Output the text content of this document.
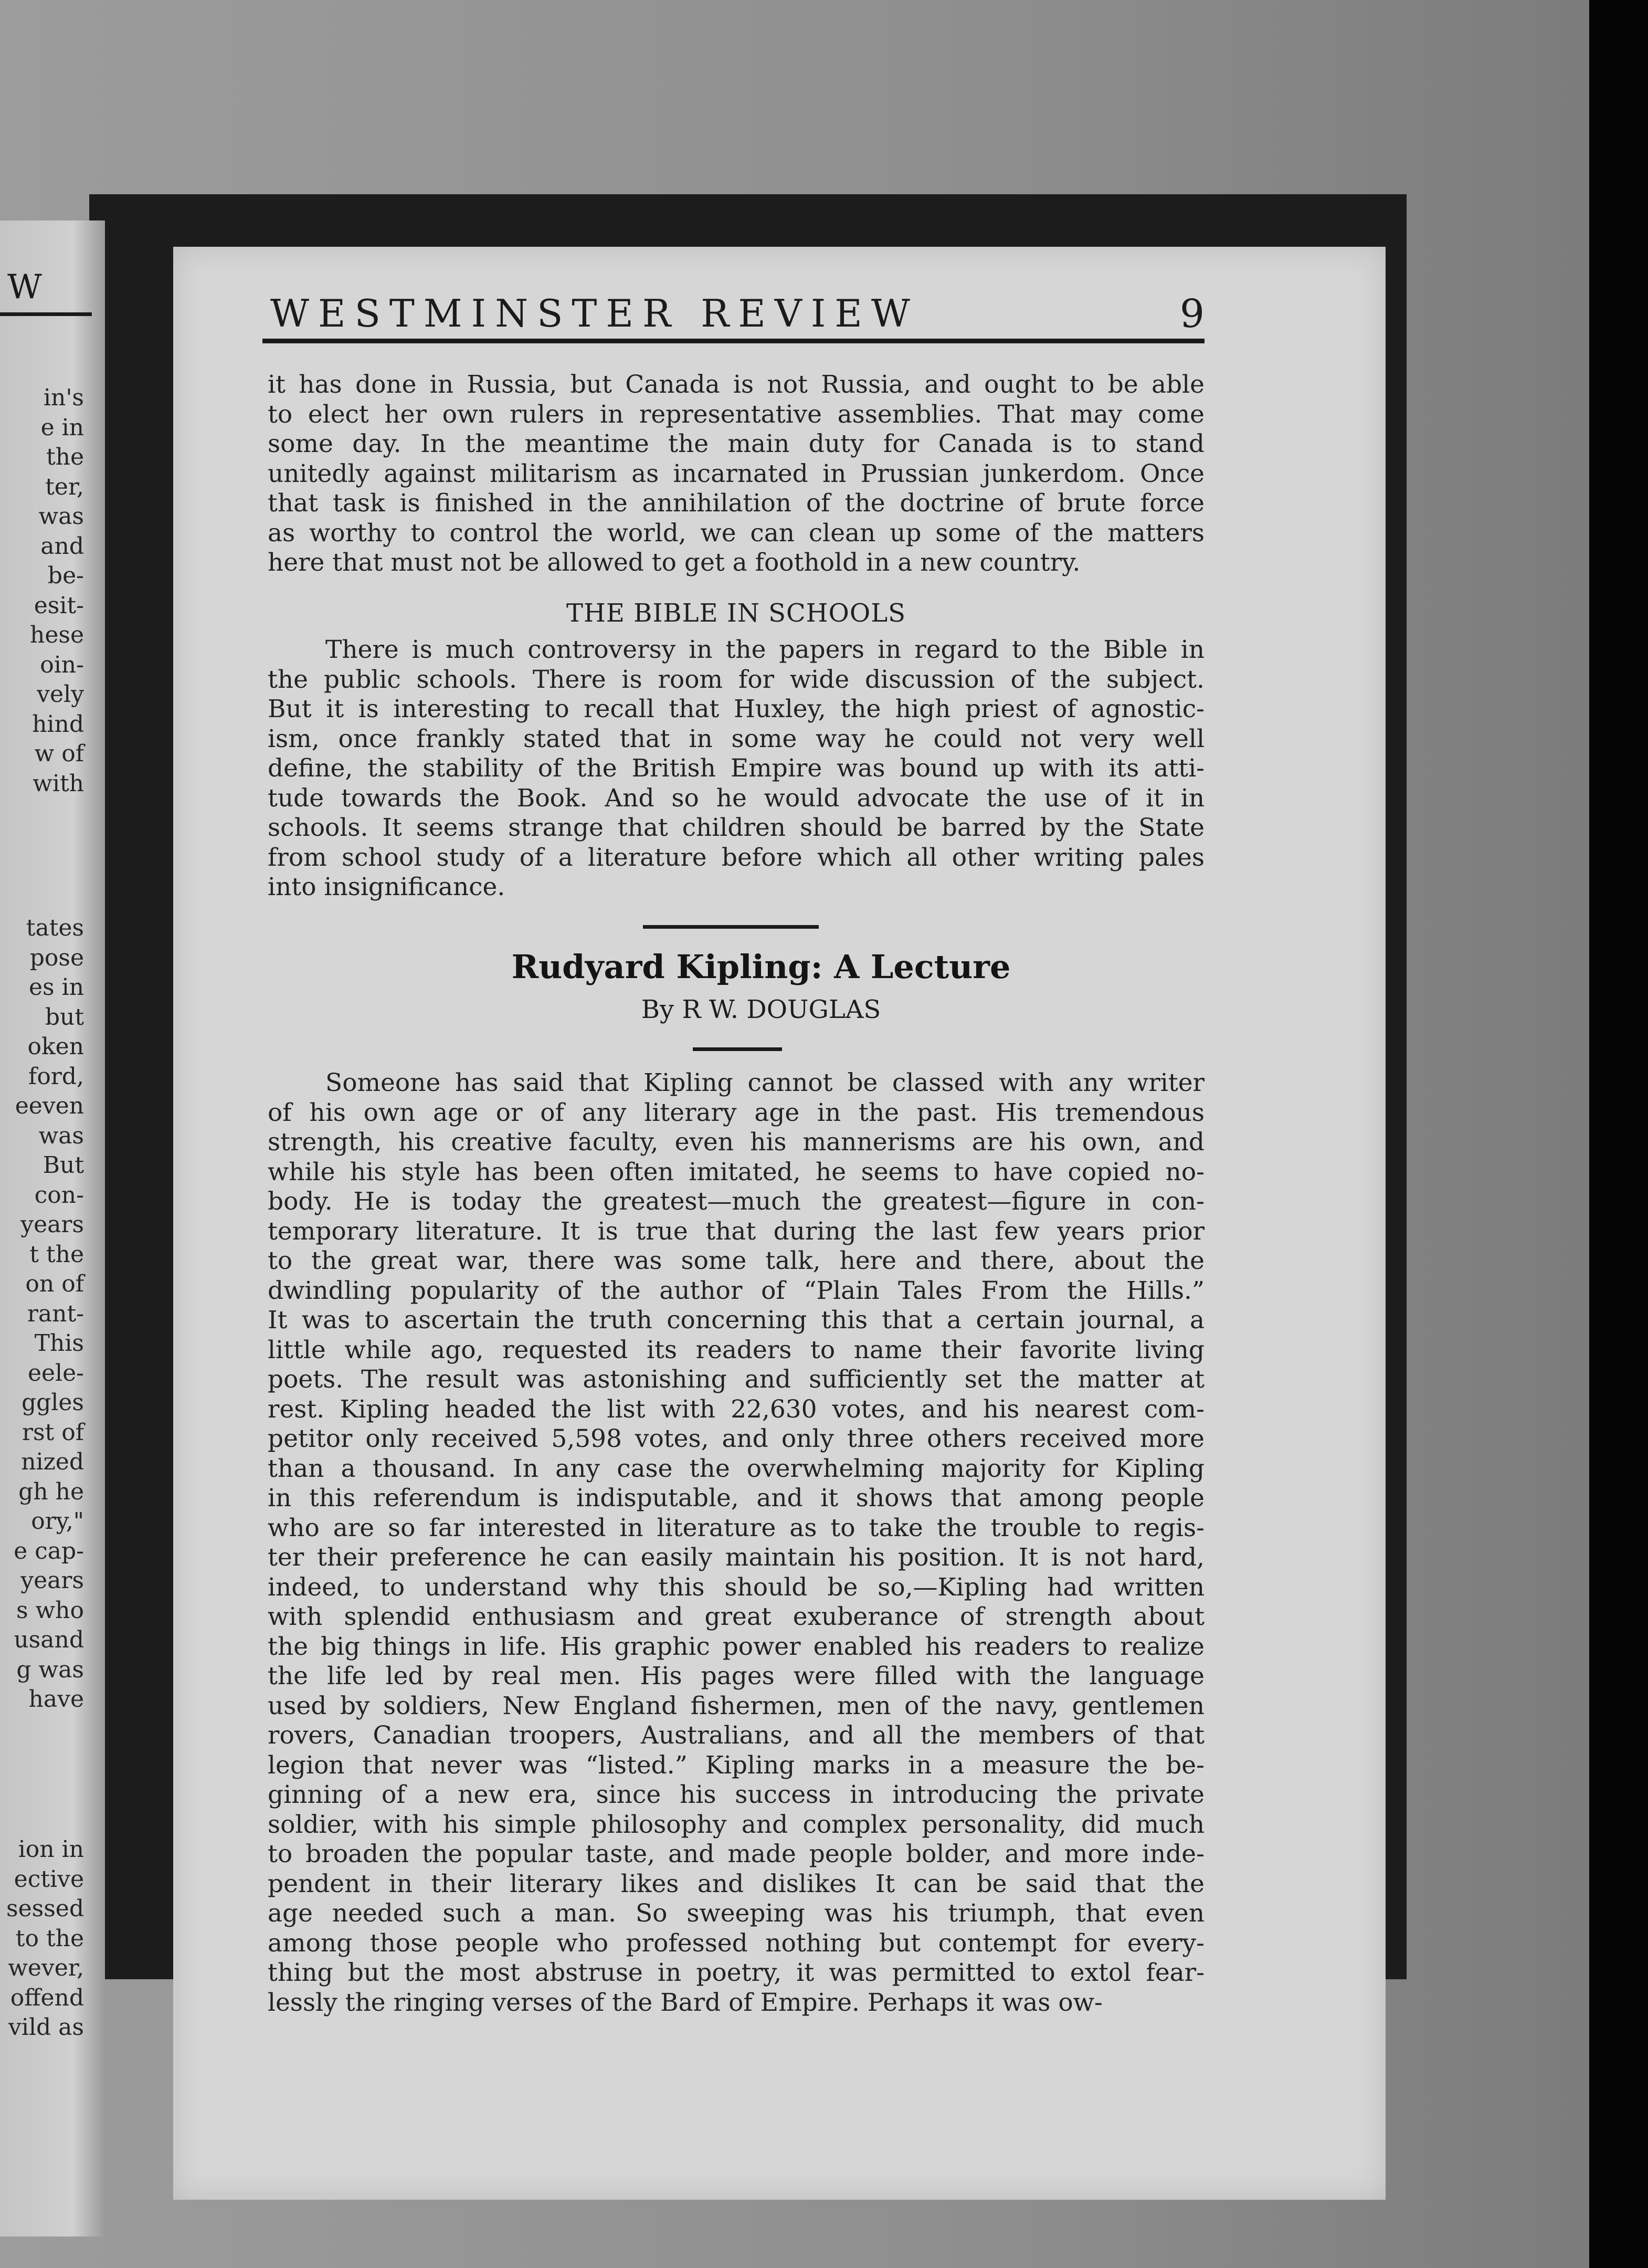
W
in's
e in
the
ter,
was
and
be-
esit-
hese
oin-
vely
hind
w of
with
tates
pose
es in
but
oken
ford,
eeven
was
But
con-
years
t the
on of
rant-
This
eele-
ggles
rst of
nized
gh he
ory,"
e cap-
years
s who
usand
g was
have
ion in
ective
sessed
to the
wever,
offend
vild as
WESTMINSTER REVIEW	9
it has done in Russia, but Canada is not Russia, and ought to be able
to elect her own rulers in representative assemblies. That may come
some day. In the meantime the main duty for Canada is to stand
unitedly against militarism as incarnated in Prussian junkerdom. Once
that task is finished in the annihilation of the doctrine of brute force
as worthy to control the world, we can clean up some of the matters
here that must not be allowed to get a foothold in a new country.
THE BIBLE IN SCHOOLS
There is much controversy in the papers in regard to the Bible in
the public schools. There is room for wide discussion of the subject.
But it is interesting to recall that Huxley, the high priest of agnostic-
ism, once frankly stated that in some way he could not very well
define, the stability of the British Empire was bound up with its atti-
tude towards the Book. And so he would advocate the use of it in
schools. It seems strange that children should be barred by the State
from school study of a literature before which all other writing pales
into insignificance.
Rudyard Kipling: A Lecture
By R W. DOUGLAS
Someone has said that Kipling cannot be classed with any writer
of his own age or of any literary age in the past. His tremendous
strength, his creative faculty, even his mannerisms are his own, and
while his style has been often imitated, he seems to have copied no-
body. He is today the greatest—much the greatest—figure in con-
temporary literature. It is true that during the last few years prior
to the great war, there was some talk, here and there, about the
dwindling popularity of the author of “Plain Tales From the Hills.”
It was to ascertain the truth concerning this that a certain journal, a
little while ago, requested its readers to name their favorite living
poets. The result was astonishing and sufficiently set the matter at
rest. Kipling headed the list with 22,630 votes, and his nearest com-
petitor only received 5,598 votes, and only three others received more
than a thousand. In any case the overwhelming majority for Kipling
in this referendum is indisputable, and it shows that among people
who are so far interested in literature as to take the trouble to regis-
ter their preference he can easily maintain his position. It is not hard,
indeed, to understand why this should be so,—Kipling had written
with splendid enthusiasm and great exuberance of strength about
the big things in life. His graphic power enabled his readers to realize
the life led by real men. His pages were filled with the language
used by soldiers, New England fishermen, men of the navy, gentlemen
rovers, Canadian troopers, Australians, and all the members of that
legion that never was “listed.” Kipling marks in a measure the be-
ginning of a new era, since his success in introducing the private
soldier, with his simple philosophy and complex personality, did much
to broaden the popular taste, and made people bolder, and more inde-
pendent in their literary likes and dislikes It can be said that the
age needed such a man. So sweeping was his triumph, that even
among those people who professed nothing but contempt for every-
thing but the most abstruse in poetry, it was permitted to extol fear-
lessly the ringing verses of the Bard of Empire. Perhaps it was ow-
